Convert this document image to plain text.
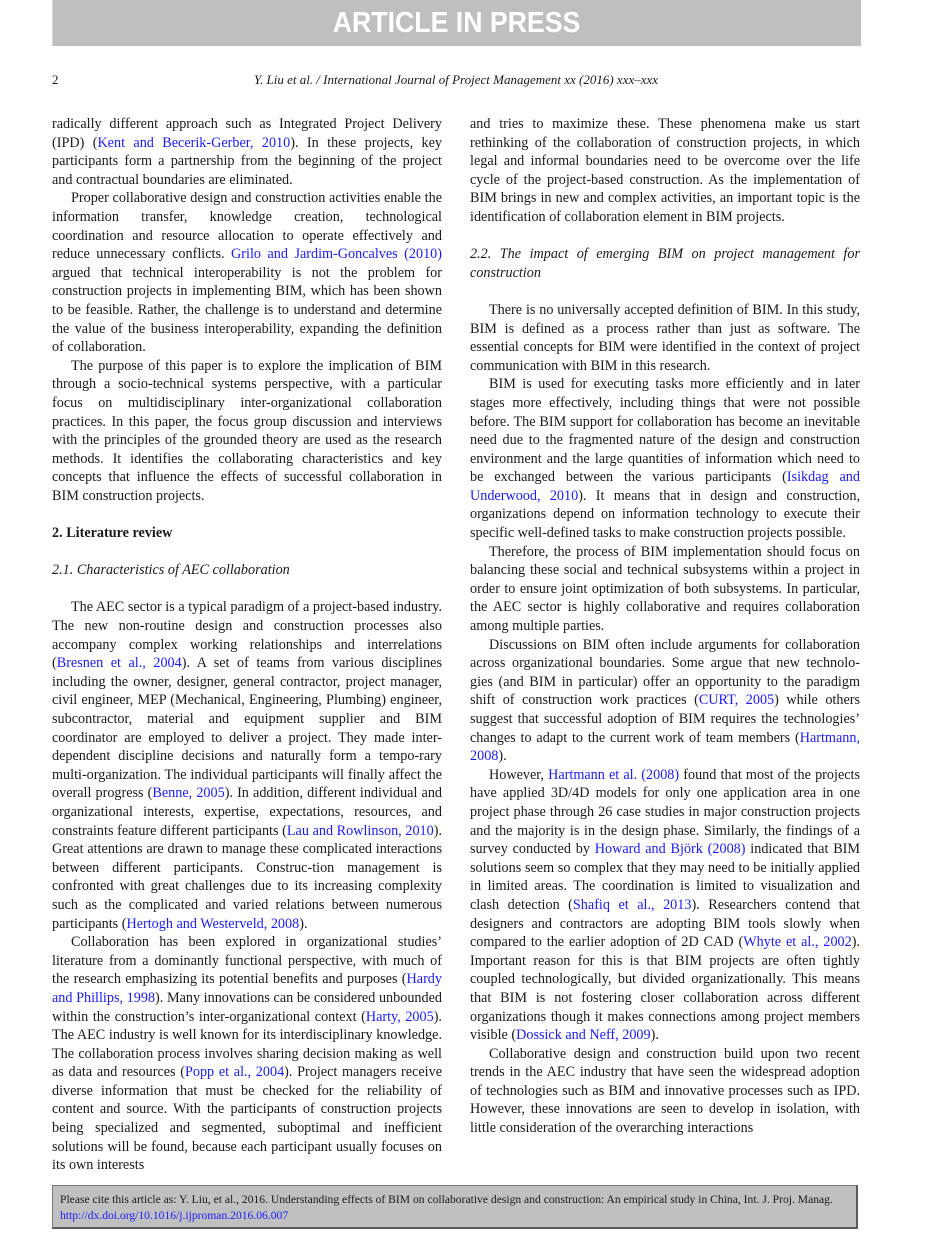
ARTICLE IN PRESS
2	Y. Liu et al. / International Journal of Project Management xx (2016) xxx–xxx

radically different approach such as Integrated Project Delivery (IPD) (Kent and Becerik-Gerber, 2010). In these projects, key participants form a partnership from the beginning of the project and contractual boundaries are eliminated.

Proper collaborative design and construction activities enable the information transfer, knowledge creation, technological coordination and resource allocation to operate effectively and reduce unnecessary conflicts. Grilo and Jardim-Goncalves (2010) argued that technical interoperability is not the problem for construction projects in implementing BIM, which has been shown to be feasible. Rather, the challenge is to understand and determine the value of the business interoperability, expanding the definition of collaboration.

The purpose of this paper is to explore the implication of BIM through a socio-technical systems perspective, with a particular focus on multidisciplinary inter-organizational collaboration practices. In this paper, the focus group discussion and interviews with the principles of the grounded theory are used as the research methods. It identifies the collaborating characteristics and key concepts that influence the effects of successful collaboration in BIM construction projects.

2. Literature review

2.1. Characteristics of AEC collaboration

The AEC sector is a typical paradigm of a project-based industry. The new non-routine design and construction processes also accompany complex working relationships and interrelations (Bresnen et al., 2004). A set of teams from various disciplines including the owner, designer, general contractor, project manager, civil engineer, MEP (Mechanical, Engineering, Plumbing) engineer, subcontractor, material and equipment supplier and BIM coordinator are employed to deliver a project. They made inter-dependent discipline decisions and naturally form a tempo-rary multi-organization. The individual participants will finally affect the overall progress (Benne, 2005). In addition, different individual and organizational interests, expertise, expectations, resources, and constraints feature different participants (Lau and Rowlinson, 2010). Great attentions are drawn to manage these complicated interactions between different participants. Construc-tion management is confronted with great challenges due to its increasing complexity such as the complicated and varied relations between numerous participants (Hertogh and Westerveld, 2008).

Collaboration has been explored in organizational studies’ literature from a dominantly functional perspective, with much of the research emphasizing its potential benefits and purposes (Hardy and Phillips, 1998). Many innovations can be considered unbounded within the construction’s inter-organizational context (Harty, 2005). The AEC industry is well known for its interdisciplinary knowledge. The collaboration process involves sharing decision making as well as data and resources (Popp et al., 2004). Project managers receive diverse information that must be checked for the reliability of content and source. With the participants of construction projects being specialized and segmented, suboptimal and inefficient solutions will be found, because each participant usually focuses on its own interests

and tries to maximize these. These phenomena make us start rethinking of the collaboration of construction projects, in which legal and informal boundaries need to be overcome over the life cycle of the project-based construction. As the implementation of BIM brings in new and complex activities, an important topic is the identification of collaboration element in BIM projects.

2.2. The impact of emerging BIM on project management for construction

There is no universally accepted definition of BIM. In this study, BIM is defined as a process rather than just as software. The essential concepts for BIM were identified in the context of project communication with BIM in this research.

BIM is used for executing tasks more efficiently and in later stages more effectively, including things that were not possible before. The BIM support for collaboration has become an inevitable need due to the fragmented nature of the design and construction environment and the large quantities of information which need to be exchanged between the various participants (Isikdag and Underwood, 2010). It means that in design and construction, organizations depend on information technology to execute their specific well-defined tasks to make construction projects possible.

Therefore, the process of BIM implementation should focus on balancing these social and technical subsystems within a project in order to ensure joint optimization of both subsystems. In particular, the AEC sector is highly collaborative and requires collaboration among multiple parties.

Discussions on BIM often include arguments for collaboration across organizational boundaries. Some argue that new technolo-gies (and BIM in particular) offer an opportunity to the paradigm shift of construction work practices (CURT, 2005) while others suggest that successful adoption of BIM requires the technologies’ changes to adapt to the current work of team members (Hartmann, 2008).

However, Hartmann et al. (2008) found that most of the projects have applied 3D/4D models for only one application area in one project phase through 26 case studies in major construction projects and the majority is in the design phase. Similarly, the findings of a survey conducted by Howard and Björk (2008) indicated that BIM solutions seem so complex that they may need to be initially applied in limited areas. The coordination is limited to visualization and clash detection (Shafiq et al., 2013). Researchers contend that designers and contractors are adopting BIM tools slowly when compared to the earlier adoption of 2D CAD (Whyte et al., 2002). Important reason for this is that BIM projects are often tightly coupled technologically, but divided organizationally. This means that BIM is not fostering closer collaboration across different organizations though it makes connections among project members visible (Dossick and Neff, 2009).

Collaborative design and construction build upon two recent trends in the AEC industry that have seen the widespread adoption of technologies such as BIM and innovative processes such as IPD. However, these innovations are seen to develop in isolation, with little consideration of the overarching interactions

Please cite this article as: Y. Liu, et al., 2016. Understanding effects of BIM on collaborative design and construction: An empirical study in China, Int. J. Proj. Manag.
http://dx.doi.org/10.1016/j.ijproman.2016.06.007
